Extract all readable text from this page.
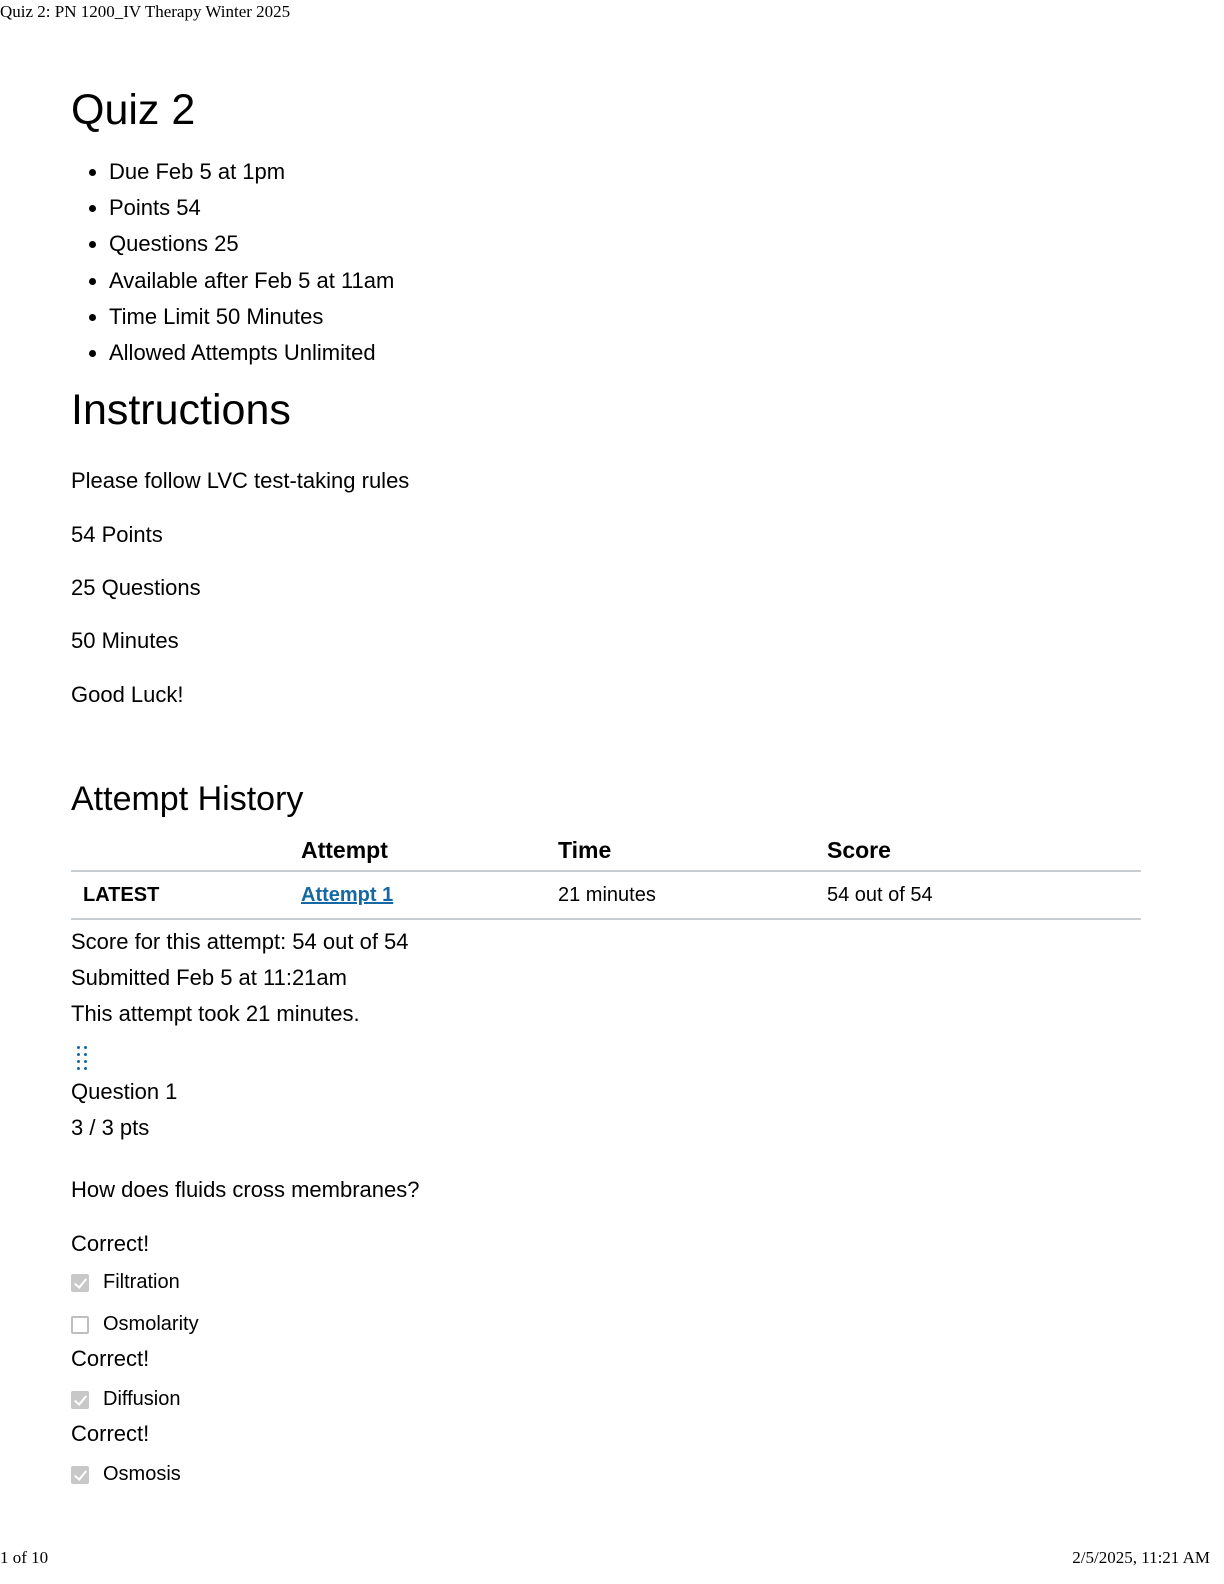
Quiz 2: PN 1200_IV Therapy Winter 2025
Quiz 2
• Due Feb 5 at 1pm
• Points 54
• Questions 25
• Available after Feb 5 at 11am
• Time Limit 50 Minutes
• Allowed Attempts Unlimited
Instructions

Please follow LVC test-taking rules

54 Points

25 Questions

50 Minutes

Good Luck!

Attempt History
	Attempt	Time	Score
LATEST	Attempt 1	21 minutes	54 out of 54

Score for this attempt: 54 out of 54

Submitted Feb 5 at 11:21am

This attempt took 21 minutes.

Question 1

3 / 3 pts

How does fluids cross membranes?

Correct!

Filtration
Osmolarity

Correct!

Diffusion

Correct!

Osmosis
1 of 10	2/5/2025, 11:21 AM
